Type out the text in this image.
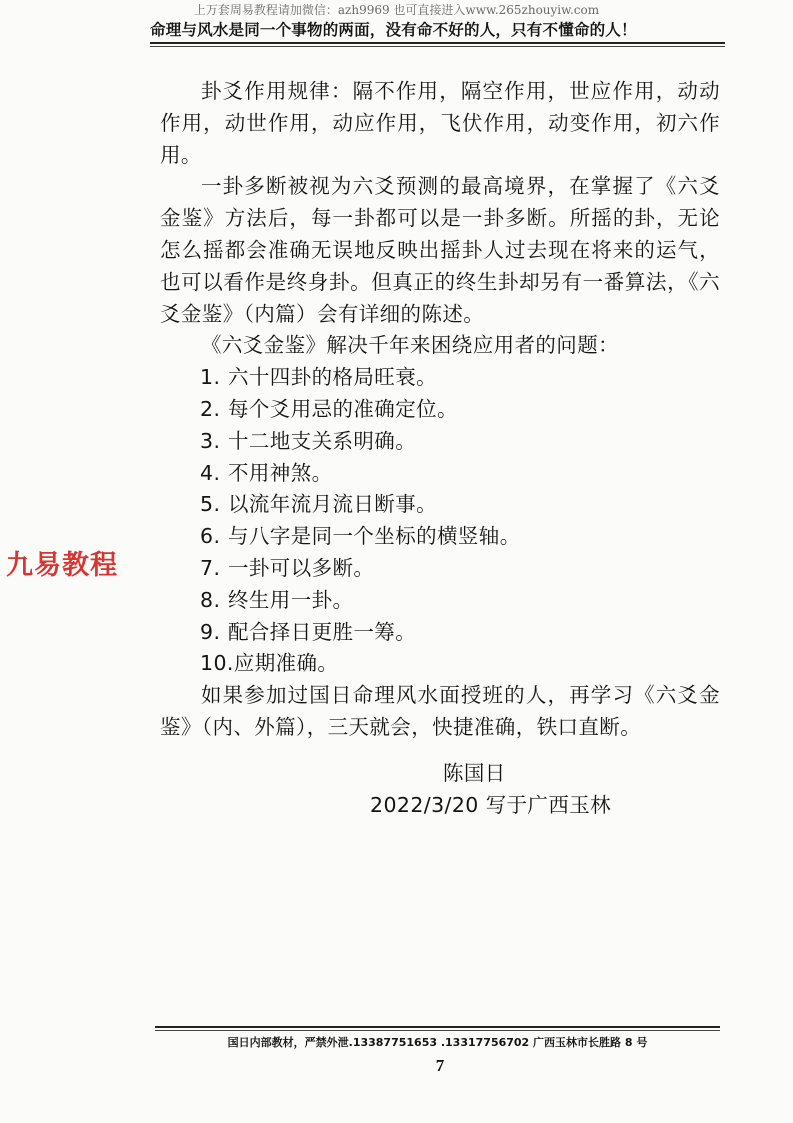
上万套周易教程请加微信：azh9969 也可直接进入www.265zhouyiw.com
命理与风水是同一个事物的两面，没有命不好的人，只有不懂命的人！
九易教程

卦爻作用规律：隔不作用，隔空作用，世应作用，动动作用，动世作用，动应作用，飞伏作用，动变作用，初六作用。

一卦多断被视为六爻预测的最高境界，在掌握了《六爻金鉴》方法后，每一卦都可以是一卦多断。所摇的卦，无论怎么摇都会准确无误地反映出摇卦人过去现在将来的运气，也可以看作是终身卦。但真正的终生卦却另有一番算法，《六爻金鉴》（内篇）会有详细的陈述。

《六爻金鉴》解决千年来困绕应用者的问题：

1. 六十四卦的格局旺衰。
2. 每个爻用忌的准确定位。
3. 十二地支关系明确。
4. 不用神煞。
5. 以流年流月流日断事。
6. 与八字是同一个坐标的横竖轴。
7. 一卦可以多断。
8. 终生用一卦。
9. 配合择日更胜一筹。
10.应期准确。

如果参加过国日命理风水面授班的人，再学习《六爻金鉴》（内、外篇），三天就会，快捷准确，铁口直断。

陈国日
2022/3/20 写于广西玉林
国日内部教材，严禁外泄.13387751653 .13317756702 广西玉林市长胜路 8 号
7
